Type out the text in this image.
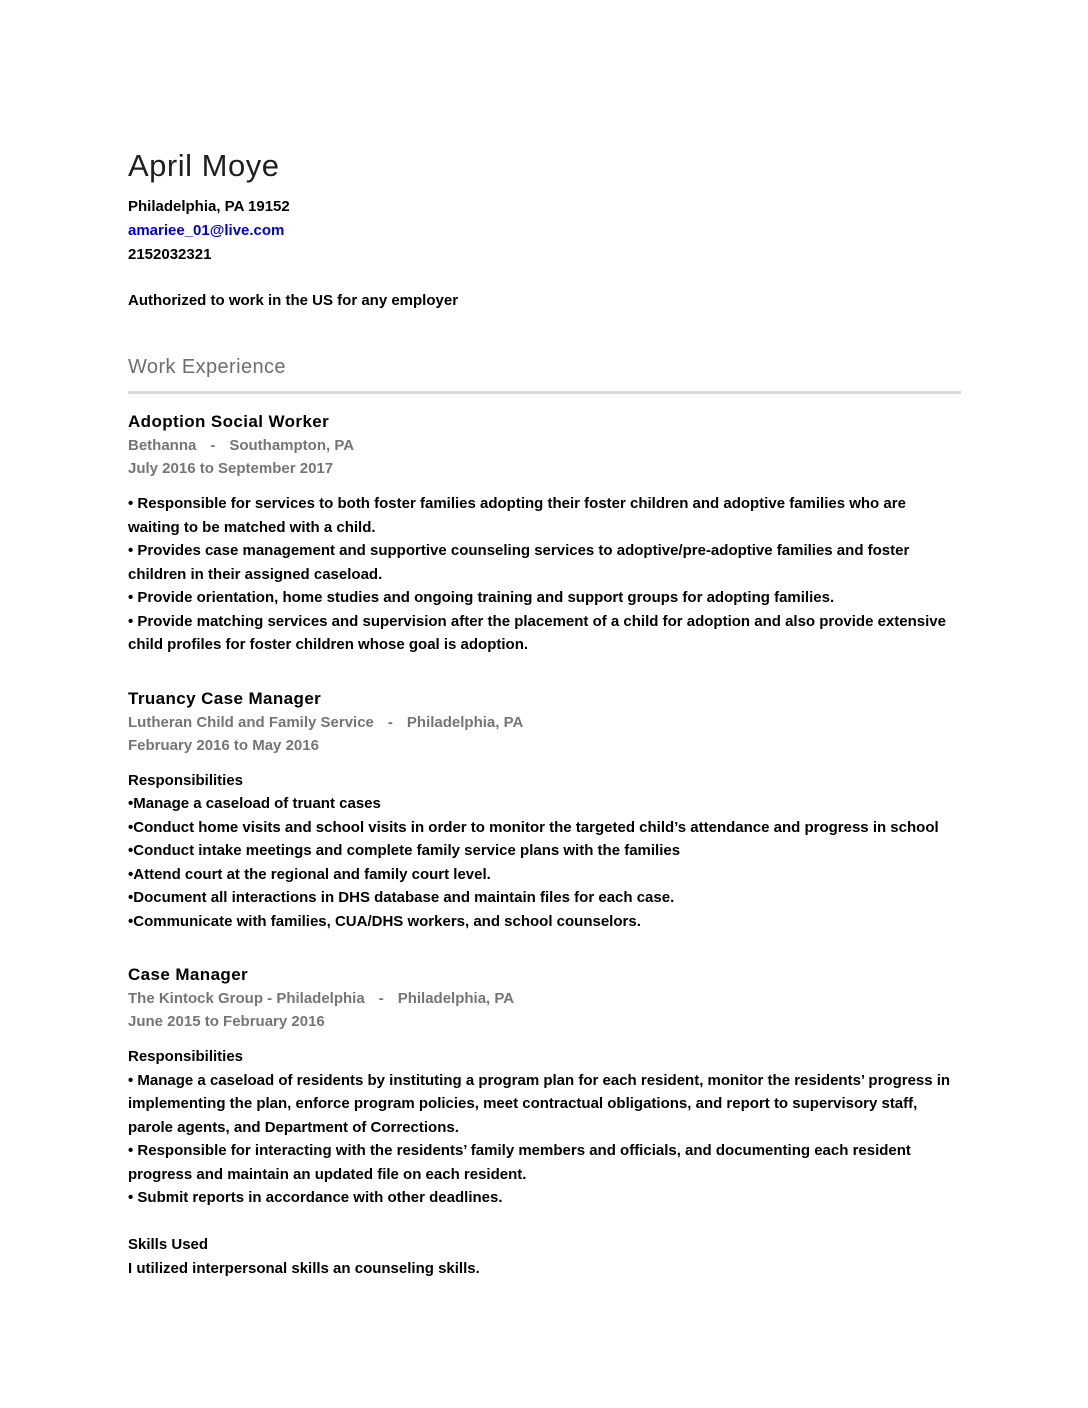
April Moye

Philadelphia, PA 19152

amariee_01@live.com

2152032321

Authorized to work in the US for any employer

Work Experience
Adoption Social Worker

Bethanna - Southampton, PA

July 2016 to September 2017

• Responsible for services to both foster families adopting their foster children and adoptive families who are waiting to be matched with a child.

• Provides case management and supportive counseling services to adoptive/pre-adoptive families and foster children in their assigned caseload.

• Provide orientation, home studies and ongoing training and support groups for adopting families.

• Provide matching services and supervision after the placement of a child for adoption and also provide extensive child profiles for foster children whose goal is adoption.

Truancy Case Manager

Lutheran Child and Family Service - Philadelphia, PA

February 2016 to May 2016

Responsibilities

•Manage a caseload of truant cases

•Conduct home visits and school visits in order to monitor the targeted child’s attendance and progress in school

•Conduct intake meetings and complete family service plans with the families

•Attend court at the regional and family court level.

•Document all interactions in DHS database and maintain files for each case.

•Communicate with families, CUA/DHS workers, and school counselors.

Case Manager

The Kintock Group - Philadelphia - Philadelphia, PA

June 2015 to February 2016

Responsibilities

• Manage a caseload of residents by instituting a program plan for each resident, monitor the residents’ progress in implementing the plan, enforce program policies, meet contractual obligations, and report to supervisory staff, parole agents, and Department of Corrections.

• Responsible for interacting with the residents’ family members and officials, and documenting each resident progress and maintain an updated file on each resident.

• Submit reports in accordance with other deadlines.

Skills Used

I utilized interpersonal skills an counseling skills.
